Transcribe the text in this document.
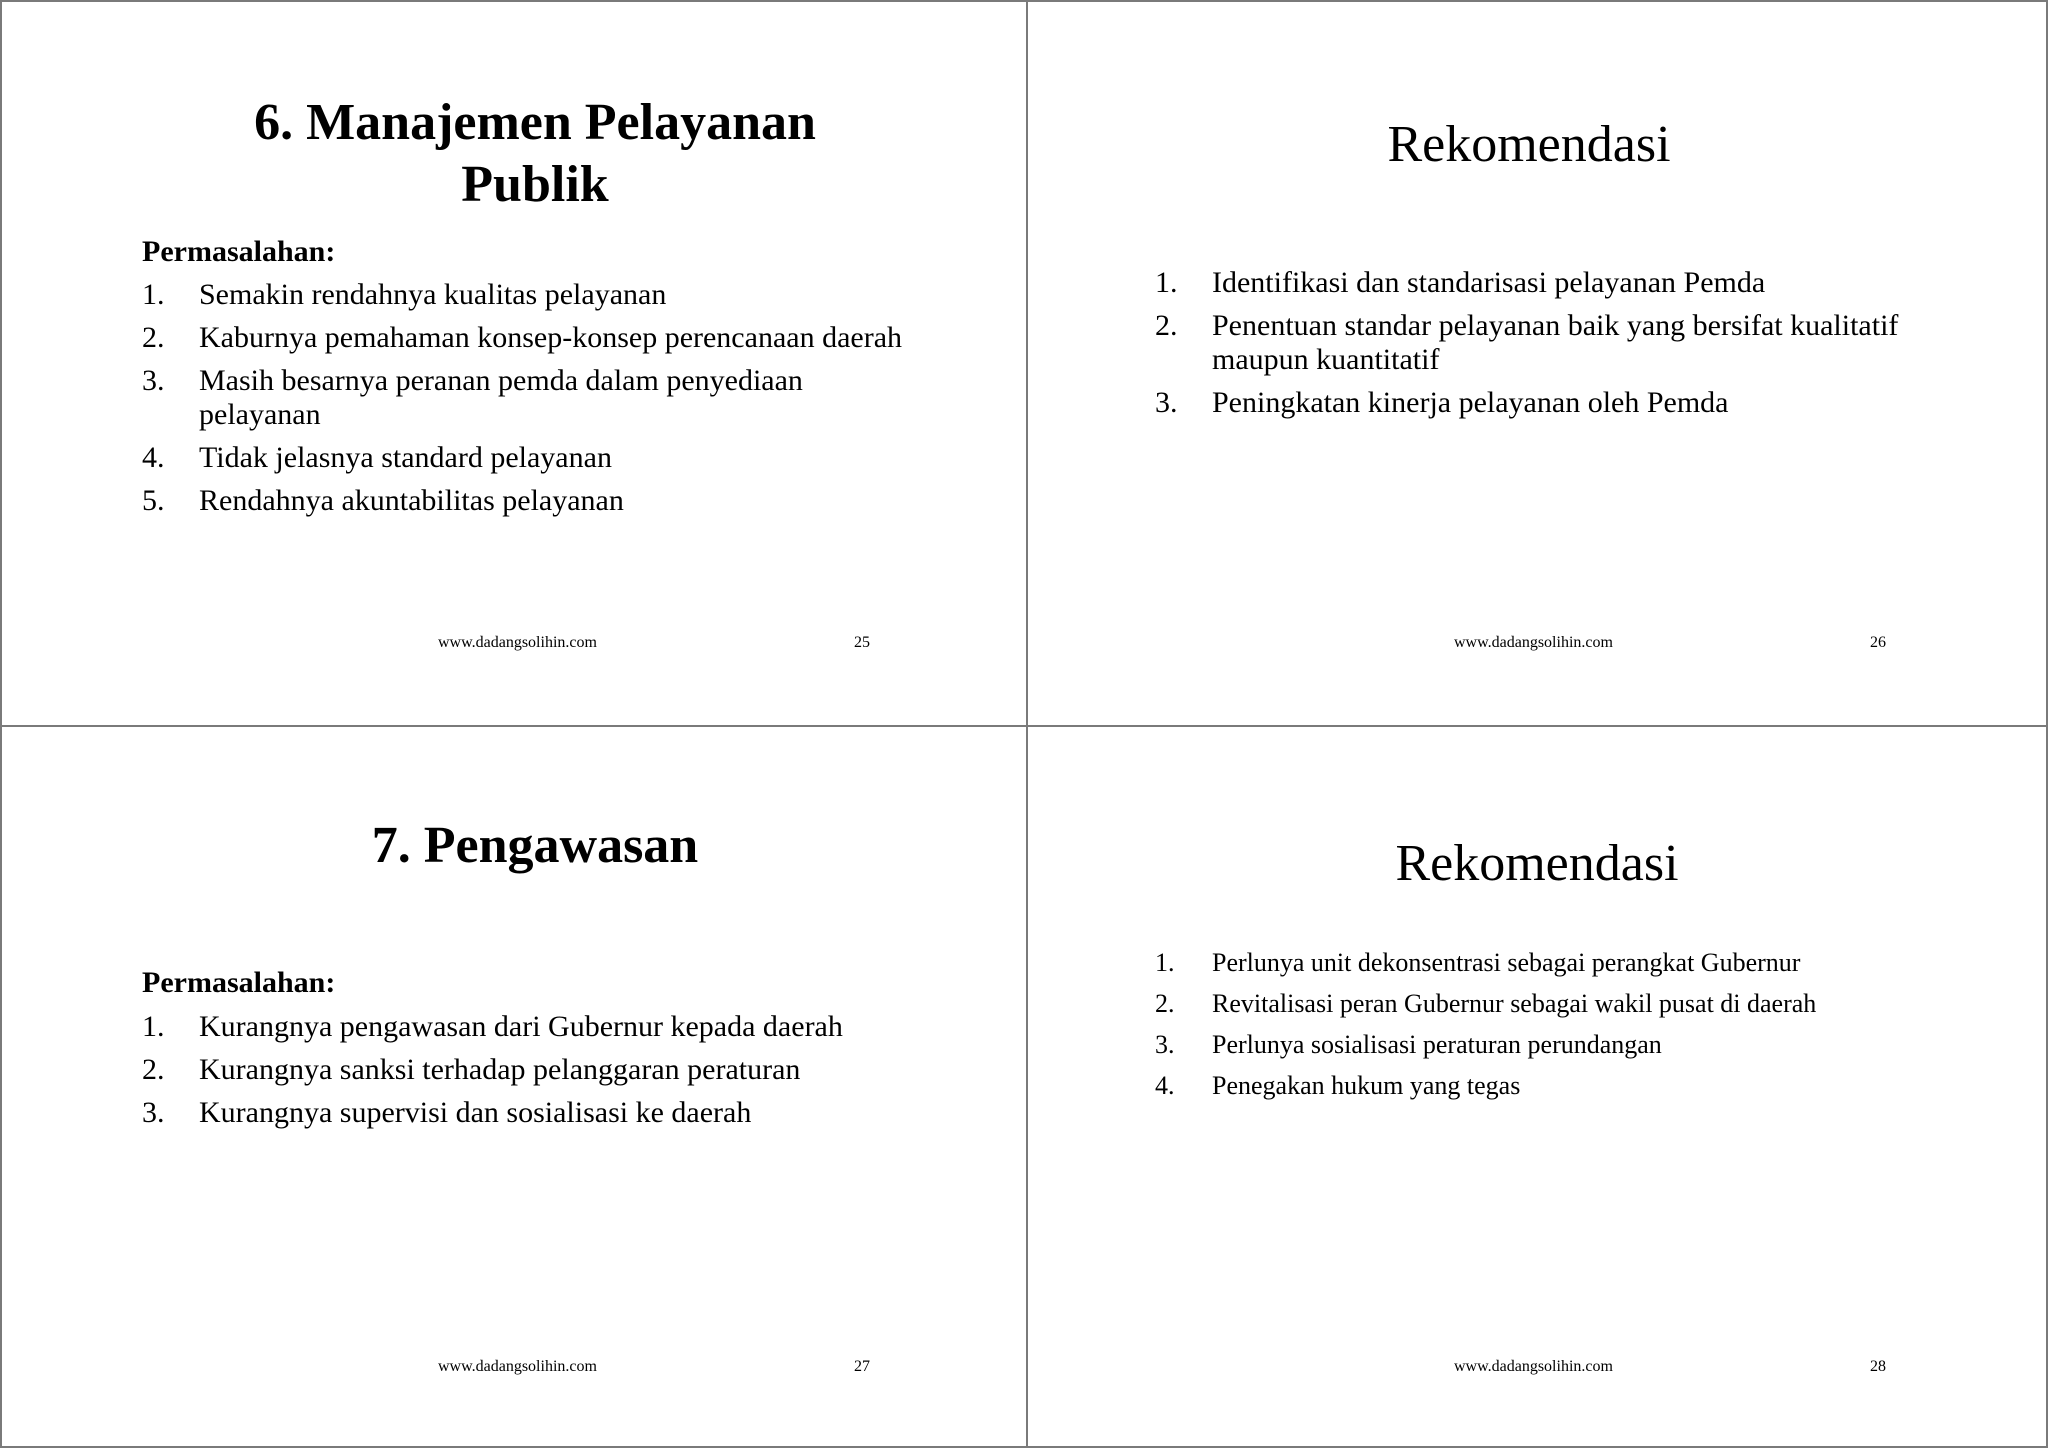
6. Manajemen Pelayanan
Publik
Permasalahan:
1. Semakin rendahnya kualitas pelayanan
2. Kaburnya pemahaman konsep-konsep perencanaan daerah
3. Masih besarnya peranan pemda dalam penyediaan pelayanan
4. Tidak jelasnya standard pelayanan
5. Rendahnya akuntabilitas pelayanan
www.dadangsolihin.com	25
Rekomendasi
1. Identifikasi dan standarisasi pelayanan Pemda
2. Penentuan standar pelayanan baik yang bersifat kualitatif maupun kuantitatif
3. Peningkatan kinerja pelayanan oleh Pemda
www.dadangsolihin.com	26
7. Pengawasan
Permasalahan:
1. Kurangnya pengawasan dari Gubernur kepada daerah
2. Kurangnya sanksi terhadap pelanggaran peraturan
3. Kurangnya supervisi dan sosialisasi ke daerah
www.dadangsolihin.com	27
Rekomendasi
1. Perlunya unit dekonsentrasi sebagai perangkat Gubernur
2. Revitalisasi peran Gubernur sebagai wakil pusat di daerah
3. Perlunya sosialisasi peraturan perundangan
4. Penegakan hukum yang tegas
www.dadangsolihin.com	28
